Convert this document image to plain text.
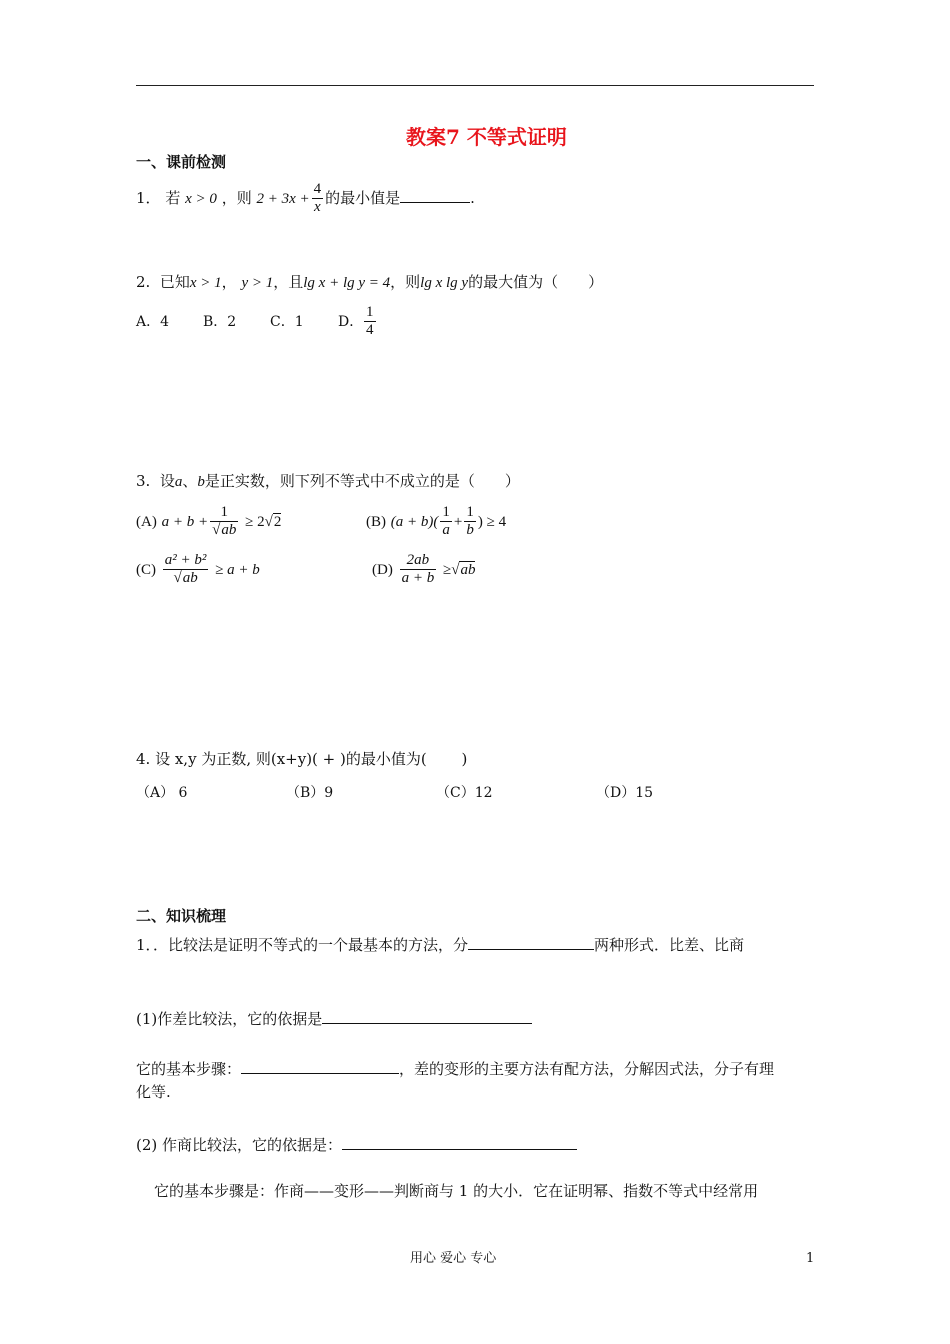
教案7 不等式证明
一、课前检测
1． 若 x > 0 ，则 $2 + 3x + \frac{4}{x}$ 的最小值是	.
2. 已知x > 1， y > 1，且lg x + lg y = 4，则lg x lg y的最大值为（　　）
A．4 B．2 C．1 D． $\frac{1}{4}$
3. 设a、b是正实数，则下列不等式中不成立的是（　　）
(A) $a + b + \frac{1}{√ab} \ge 2√2$	(B) $(a + b)( \frac{1}{a} + \frac{1}{b}$ ) ≥ 4
$(C) \frac{\text{a² + b²}}{√ab} \ge a + b$	$(D) \frac{2ab}{a + b} \ge√ab$
4. 设 x,y 为正数, 则(x+y)( + )的最小值为(　　 )
（A） 6	（B）9	（C）12	（D）15
二、知识梳理
1．．比较法是证明不等式的一个最基本的方法，分	两种形式．比差、比商
(1)作差比较法，它的依据是
它的基本步骤：	，差的变形的主要方法有配方法，分解因式法，分子有理
化等.
(2) 作商比较法，它的依据是：
它的基本步骤是：作商——变形——判断商与 1 的大小．它在证明幂、指数不等式中经常用
用心 爱心 专心	1
